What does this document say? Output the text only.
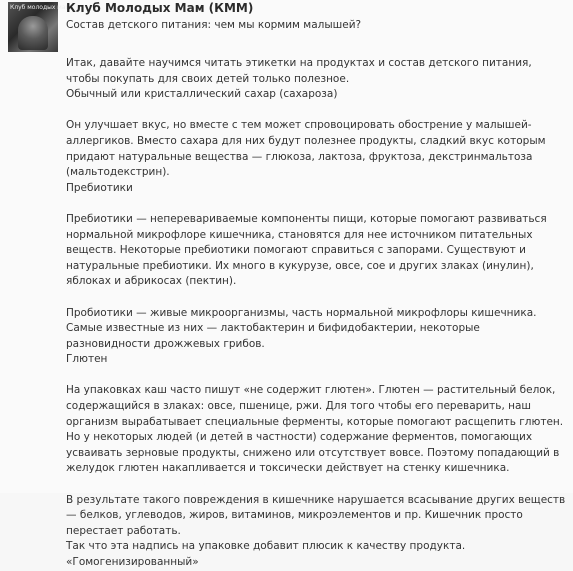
Клуб молодых мам
Клуб Молодых Мам (КММ)
Состав детского питания: чем мы кормим малышей?

Итак, давайте научимся читать этикетки на продуктах и состав детского питания, чтобы покупать для своих детей только полезное.

Обычный или кристаллический сахар (сахароза)

Он улучшает вкус, но вместе с тем может спровоцировать обострение у малышей-аллергиков. Вместо сахара для них будут полезнее продукты, сладкий вкус которым придают натуральные вещества — глюкоза, лактоза, фруктоза, декстринмальтоза (мальтодекстрин).

Пребиотики

Пребиотики — неперевариваемые компоненты пищи, которые помогают развиваться нормальной микрофлоре кишечника, становятся для нее источником питательных веществ. Некоторые пребиотики помогают справиться с запорами. Существуют и натуральные пребиотики. Их много в кукурузе, овсе, сое и других злаках (инулин), яблоках и абрикосах (пектин).

Пробиотики — живые микроорганизмы, часть нормальной микрофлоры кишечника. Самые известные из них — лактобактерин и бифидобактерии, некоторые разновидности дрожжевых грибов.

Глютен

На упаковках каш часто пишут «не содержит глютен». Глютен — растительный белок, содержащийся в злаках: овсе, пшенице, ржи. Для того чтобы его переварить, наш организм вырабатывает специальные ферменты, которые помогают расщепить глютен. Но у некоторых людей (и детей в частности) содержание ферментов, помогающих усваивать зерновые продукты, снижено или отсутствует вовсе. Поэтому попадающий в желудок глютен накапливается и токсически действует на стенку кишечника.

В результате такого повреждения в кишечнике нарушается всасывание других веществ — белков, углеводов, жиров, витаминов, микроэлементов и пр. Кишечник просто перестает работать.

Так что эта надпись на упаковке добавит плюсик к качеству продукта.

«Гомогенизированный»
